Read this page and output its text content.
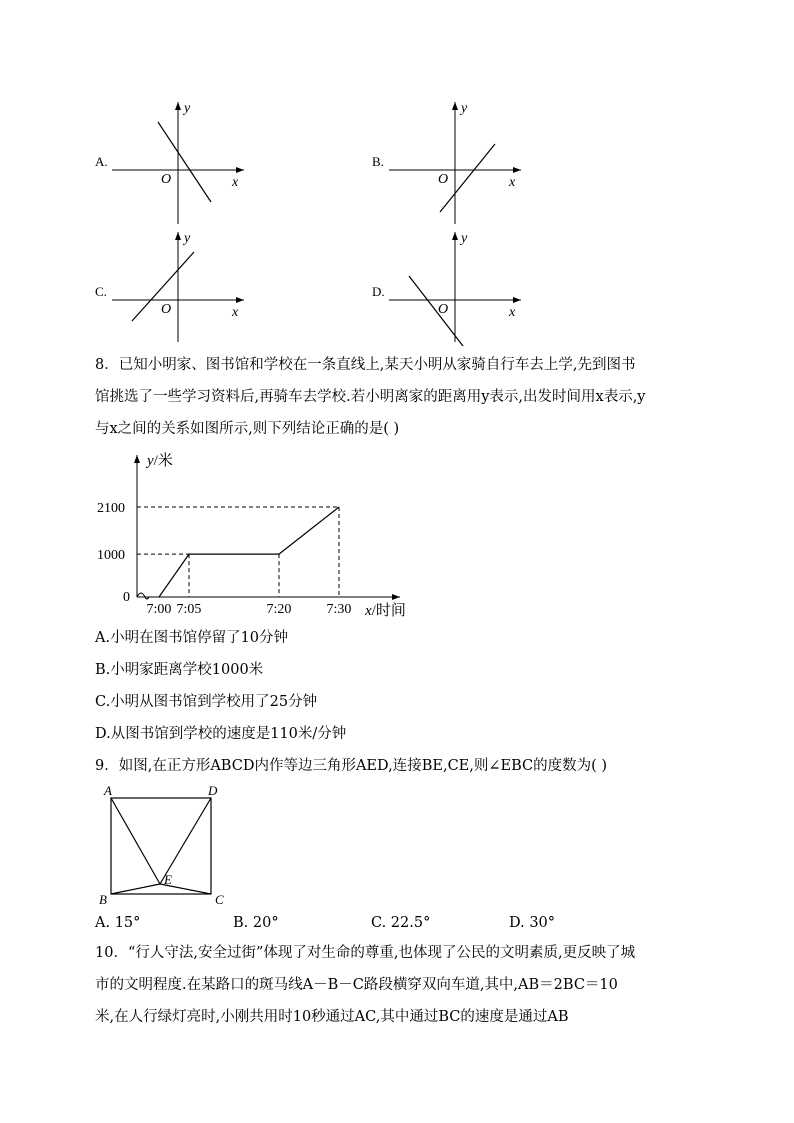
A.
y
x
O
B.
y
x
O
C.
y
x
O
D.
y
x
O
8．已知小明家、图书馆和学校在一条直线上,某天小明从家骑自行车去上学,先到图书
馆挑选了一些学习资料后,再骑车去学校.若小明离家的距离用y表示,出发时间用x表示,y
与x之间的关系如图所示,则下列结论正确的是( )
0
1000
2100
7:00 7:05	7:20	7:30
y/米
x/时间
A.小明在图书馆停留了10分钟
B.小明家距离学校1000米
C.小明从图书馆到学校用了25分钟
D.从图书馆到学校的速度是110米/分钟
9．如图,在正方形ABCD内作等边三角形AED,连接BE,CE,则∠EBC的度数为( )
A	D
B	C
E
A. 15°	B. 20°	C. 22.5°	D. 30°
10．“行人守法,安全过街”体现了对生命的尊重,也体现了公民的文明素质,更反映了城
市的文明程度.在某路口的斑马线A－B－C路段横穿双向车道,其中,AB＝2BC＝10
米,在人行绿灯亮时,小刚共用时10秒通过AC,其中通过BC的速度是通过AB
